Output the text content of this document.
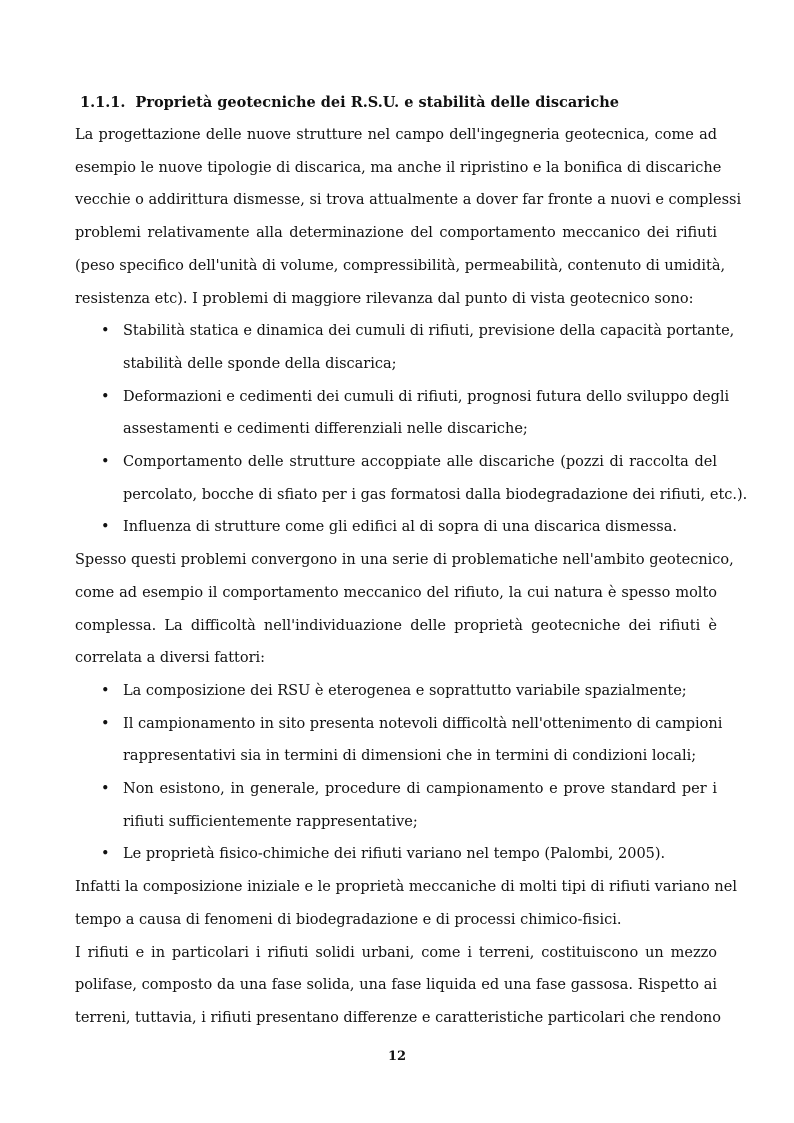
1.1.1. Proprietà geotecniche dei R.S.U. e stabilità delle discariche

La progettazione delle nuove strutture nel campo dell'ingegneria geotecnica, come ad
esempio le nuove tipologie di discarica, ma anche il ripristino e la bonifica di discariche
vecchie o addirittura dismesse, si trova attualmente a dover far fronte a nuovi e complessi
problemi relativamente alla determinazione del comportamento meccanico dei rifiuti
(peso specifico dell'unità di volume, compressibilità, permeabilità, contenuto di umidità,
resistenza etc). I problemi di maggiore rilevanza dal punto di vista geotecnico sono:

• Stabilità statica e dinamica dei cumuli di rifiuti, previsione della capacità portante,
stabilità delle sponde della discarica;
• Deformazioni e cedimenti dei cumuli di rifiuti, prognosi futura dello sviluppo degli
assestamenti e cedimenti differenziali nelle discariche;
• Comportamento delle strutture accoppiate alle discariche (pozzi di raccolta del
percolato, bocche di sfiato per i gas formatosi dalla biodegradazione dei rifiuti, etc.).
• Influenza di strutture come gli edifici al di sopra di una discarica dismessa.

Spesso questi problemi convergono in una serie di problematiche nell'ambito geotecnico,
come ad esempio il comportamento meccanico del rifiuto, la cui natura è spesso molto
complessa. La difficoltà nell'individuazione delle proprietà geotecniche dei rifiuti è
correlata a diversi fattori:

• La composizione dei RSU è eterogenea e soprattutto variabile spazialmente;
• Il campionamento in sito presenta notevoli difficoltà nell'ottenimento di campioni
rappresentativi sia in termini di dimensioni che in termini di condizioni locali;
• Non esistono, in generale, procedure di campionamento e prove standard per i
rifiuti sufficientemente rappresentative;
• Le proprietà fisico-chimiche dei rifiuti variano nel tempo (Palombi, 2005).

Infatti la composizione iniziale e le proprietà meccaniche di molti tipi di rifiuti variano nel
tempo a causa di fenomeni di biodegradazione e di processi chimico-fisici.

I rifiuti e in particolari i rifiuti solidi urbani, come i terreni, costituiscono un mezzo
polifase, composto da una fase solida, una fase liquida ed una fase gassosa. Rispetto ai
terreni, tuttavia, i rifiuti presentano differenze e caratteristiche particolari che rendono

12
